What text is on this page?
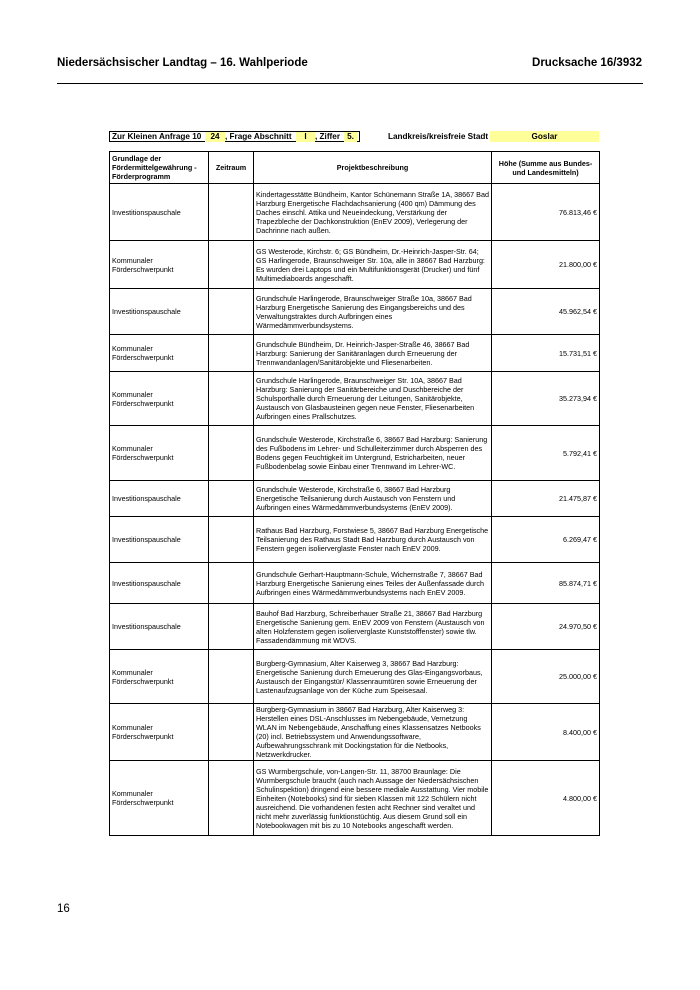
Niedersächsischer Landtag – 16. Wahlperiode	Drucksache 16/3932
Zur Kleinen Anfrage 10	24 , Frage Abschnitt	I	, Ziffer 5.	Landkreis/kreisfreie Stadt	Goslar
Grundlage der Fördermittelgewährung - Förderprogramm	Zeitraum	Projektbeschreibung	Höhe (Summe aus Bundes- und Landesmitteln)
Investitionspauschale		Kindertagesstätte Bündheim, Kantor Schünemann Straße 1A, 38667 Bad Harzburg Energetische Flachdachsanierung (400 qm) Dämmung des Daches einschl. Attika und Neueindeckung, Verstärkung der Trapezbleche der Dachkonstruktion (EnEV 2009), Verlegerung der Dachrinne nach außen.	76.813,46 €
Kommunaler Förderschwerpunkt		GS Westerode, Kirchstr. 6; GS Bündheim, Dr.-Heinrich-Jasper-Str. 64; GS Harlingerode, Braunschweiger Str. 10a, alle in 38667 Bad Harzburg: Es wurden drei Laptops und ein Multifunktionsgerät (Drucker) und fünf Multimediaboards angeschafft.	21.800,00 €
Investitionspauschale		Grundschule Harlingerode, Braunschweiger Straße 10a, 38667 Bad Harzburg Energetische Sanierung des Eingangsbereichs und des Verwaltungstraktes durch Aufbringen eines Wärmedämmverbundsystems.	45.962,54 €
Kommunaler Förderschwerpunkt		Grundschule Bündheim, Dr. Heinrich-Jasper-Straße 46, 38667 Bad Harzburg: Sanierung der Sanitäranlagen durch Erneuerung der Trennwandanlagen/Sanitärobjekte und Fliesenarbeiten.	15.731,51 €
Kommunaler Förderschwerpunkt		Grundschule Harlingerode, Braunschweiger Str. 10A, 38667 Bad Harzburg: Sanierung der Sanitärbereiche und Duschbereiche der Schulsporthalle durch Erneuerung der Leitungen, Sanitärobjekte, Austausch von Glasbausteinen gegen neue Fenster, Fliesenarbeiten Aufbringen eines Prallschutzes.	35.273,94 €
Kommunaler Förderschwerpunkt		Grundschule Westerode, Kirchstraße 6, 38667 Bad Harzburg: Sanierung des Fußbodens im Lehrer- und Schulleiterzimmer durch Absperren des Bodens gegen Feuchtigkeit im Untergrund, Estricharbeiten, neuer Fußbodenbelag sowie Einbau einer Trennwand im Lehrer-WC.	5.792,41 €
Investitionspauschale		Grundschule Westerode, Kirchstraße 6, 38667 Bad Harzburg Energetische Teilsanierung durch Austausch von Fenstern und Aufbringen eines Wärmedämmverbundsystems (EnEV 2009).	21.475,87 €
Investitionspauschale		Rathaus Bad Harzburg, Forstwiese 5, 38667 Bad Harzburg Energetische Teilsanierung des Rathaus Stadt Bad Harzburg durch Austausch von Fenstern gegen isolierverglaste Fenster nach EnEV 2009.	6.269,47 €
Investitionspauschale		Grundschule Gerhart-Hauptmann-Schule, Wichernstraße 7, 38667 Bad Harzburg Energetische Sanierung eines Teiles der Außenfassade durch Aufbringen eines Wärmedämmverbundsystems nach EnEV 2009.	85.874,71 €
Investitionspauschale		Bauhof Bad Harzburg, Schreiberhauer Straße 21, 38667 Bad Harzburg Energetische Sanierung gem. EnEV 2009 von Fenstern (Austausch von alten Holzfenstern gegen isolierverglaste Kunststofffenster) sowie tlw. Fassadendämmung mit WDVS.	24.970,50 €
Kommunaler Förderschwerpunkt		Burgberg-Gymnasium, Alter Kaiserweg 3, 38667 Bad Harzburg: Energetische Sanierung durch Erneuerung des Glas-Eingangsvorbaus, Austausch der Eingangstür/ Klassenraumtüren sowie Erneuerung der Lastenaufzugsanlage von der Küche zum Speisesaal.	25.000,00 €
Kommunaler Förderschwerpunkt		Burgberg-Gymnasium in 38667 Bad Harzburg, Alter Kaiserweg 3: Herstellen eines DSL-Anschlusses im Nebengebäude, Vernetzung WLAN im Nebengebäude, Anschaffung eines Klassensatzes Netbooks (20) incl. Betriebssystem und Anwendungssoftware, Aufbewahrungsschrank mit Dockingstation für die Netbooks, Netzwerkdrucker.	8.400,00 €
Kommunaler Förderschwerpunkt		GS Wurmbergschule, von-Langen-Str. 11, 38700 Braunlage: Die Wurmbergschule braucht (auch nach Aussage der Niedersächsischen Schulinspektion) dringend eine bessere mediale Ausstattung. Vier mobile Einheiten (Notebooks) sind für sieben Klassen mit 122 Schülern nicht ausreichend. Die vorhandenen festen acht Rechner sind veraltet und nicht mehr zuverlässig funktionstüchtig. Aus diesem Grund soll ein Notebookwagen mit bis zu 10 Notebooks angeschafft werden.	4.800,00 €
16
